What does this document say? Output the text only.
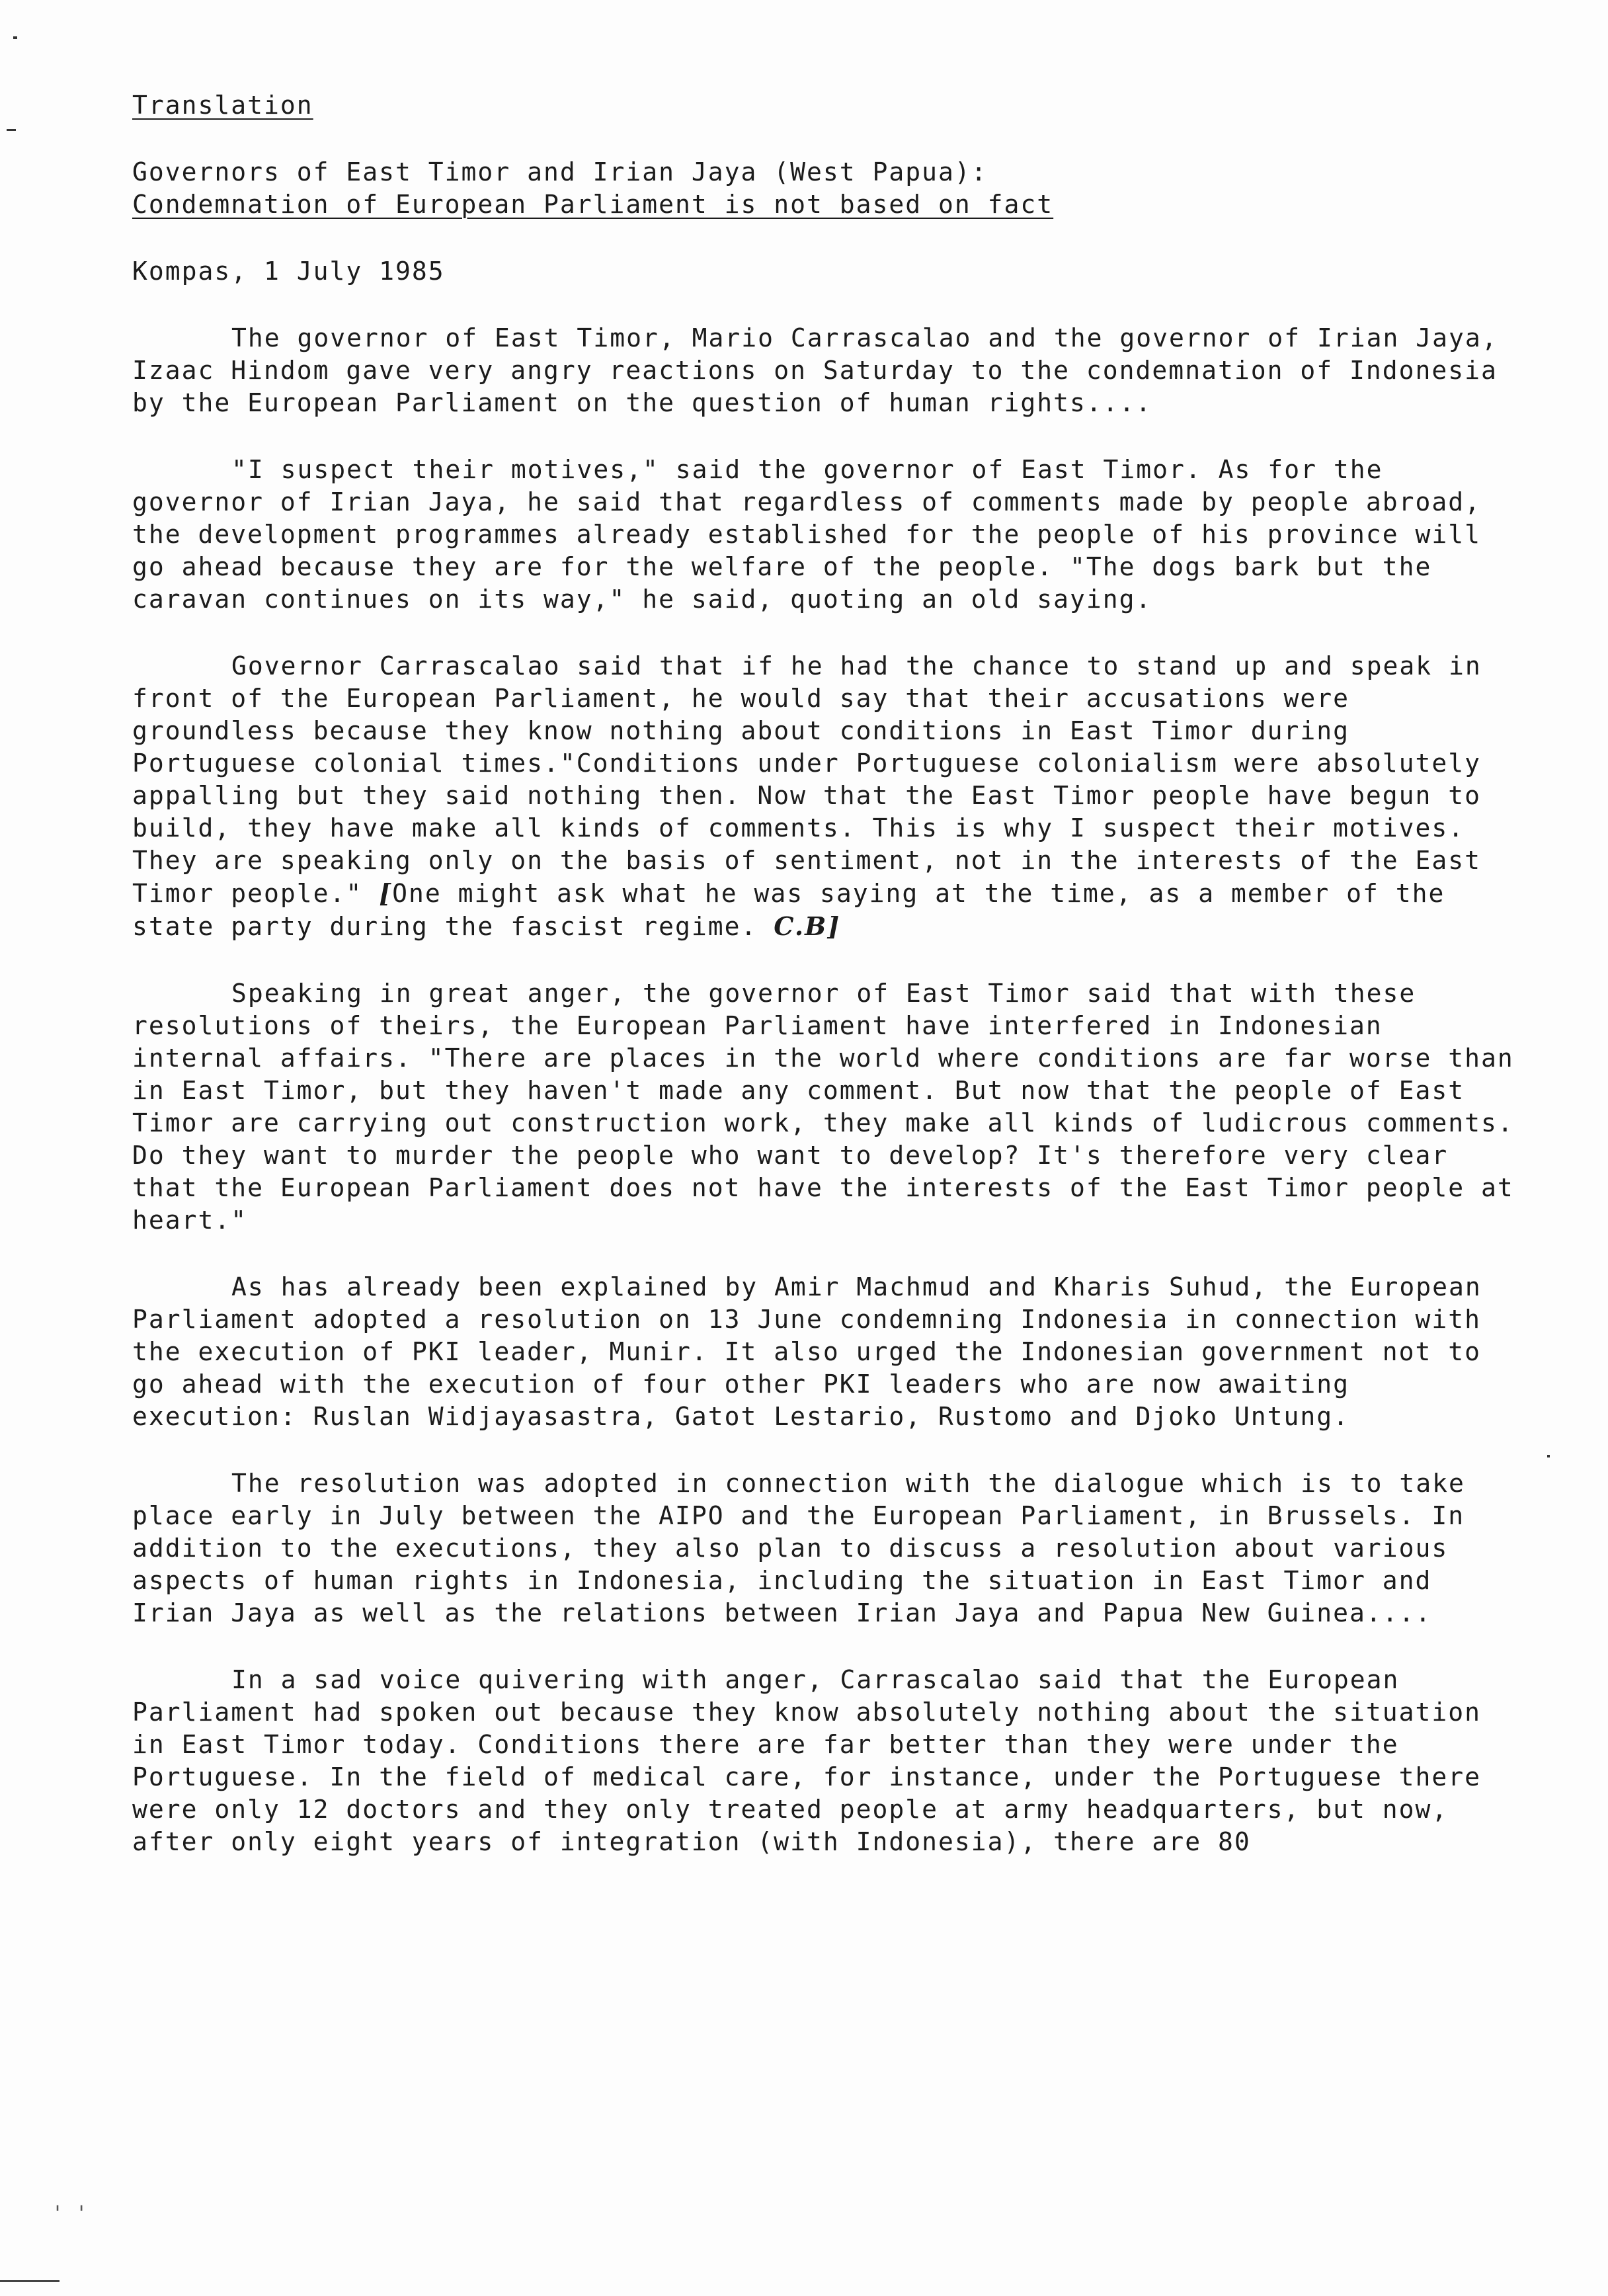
Translation

Governors of East Timor and Irian Jaya (West Papua):
Condemnation of European Parliament is not based on fact

Kompas, 1 July 1985

The governor of East Timor, Mario Carrascalao and the governor of Irian Jaya, Izaac Hindom gave very angry reactions on Saturday to the condemnation of Indonesia by the European Parliament on the question of human rights....

"I suspect their motives," said the governor of East Timor. As for the governor of Irian Jaya, he said that regardless of comments made by people abroad, the development programmes already established for the people of his province will go ahead because they are for the welfare of the people. "The dogs bark but the caravan continues on its way," he said, quoting an old saying.

Governor Carrascalao said that if he had the chance to stand up and speak in front of the European Parliament, he would say that their accusations were groundless because they know nothing about conditions in East Timor during Portuguese colonial times."Conditions under Portuguese colonialism were absolutely appalling but they said nothing then. Now that the East Timor people have begun to build, they have make all kinds of comments. This is why I suspect their motives. They are speaking only on the basis of sentiment, not in the interests of the East Timor people." [One might ask what he was saying at the time, as a member of the state party during the fascist regime. C.B]

Speaking in great anger, the governor of East Timor said that with these resolutions of theirs, the European Parliament have interfered in Indonesian internal affairs. "There are places in the world where conditions are far worse than in East Timor, but they haven't made any comment. But now that the people of East Timor are carrying out construction work, they make all kinds of ludicrous comments. Do they want to murder the people who want to develop? It's therefore very clear that the European Parliament does not have the interests of the East Timor people at heart."

As has already been explained by Amir Machmud and Kharis Suhud, the European Parliament adopted a resolution on 13 June condemning Indonesia in connection with the execution of PKI leader, Munir. It also urged the Indonesian government not to go ahead with the execution of four other PKI leaders who are now awaiting execution: Ruslan Widjayasastra, Gatot Lestario, Rustomo and Djoko Untung.

The resolution was adopted in connection with the dialogue which is to take place early in July between the AIPO and the European Parliament, in Brussels. In addition to the executions, they also plan to discuss a resolution about various aspects of human rights in Indonesia, including the situation in East Timor and Irian Jaya as well as the relations between Irian Jaya and Papua New Guinea....

In a sad voice quivering with anger, Carrascalao said that the European Parliament had spoken out because they know absolutely nothing about the situation in East Timor today. Conditions there are far better than they were under the Portuguese. In the field of medical care, for instance, under the Portuguese there were only 12 doctors and they only treated people at army headquarters, but now, after only eight years of integration (with Indonesia), there are 80

' '
